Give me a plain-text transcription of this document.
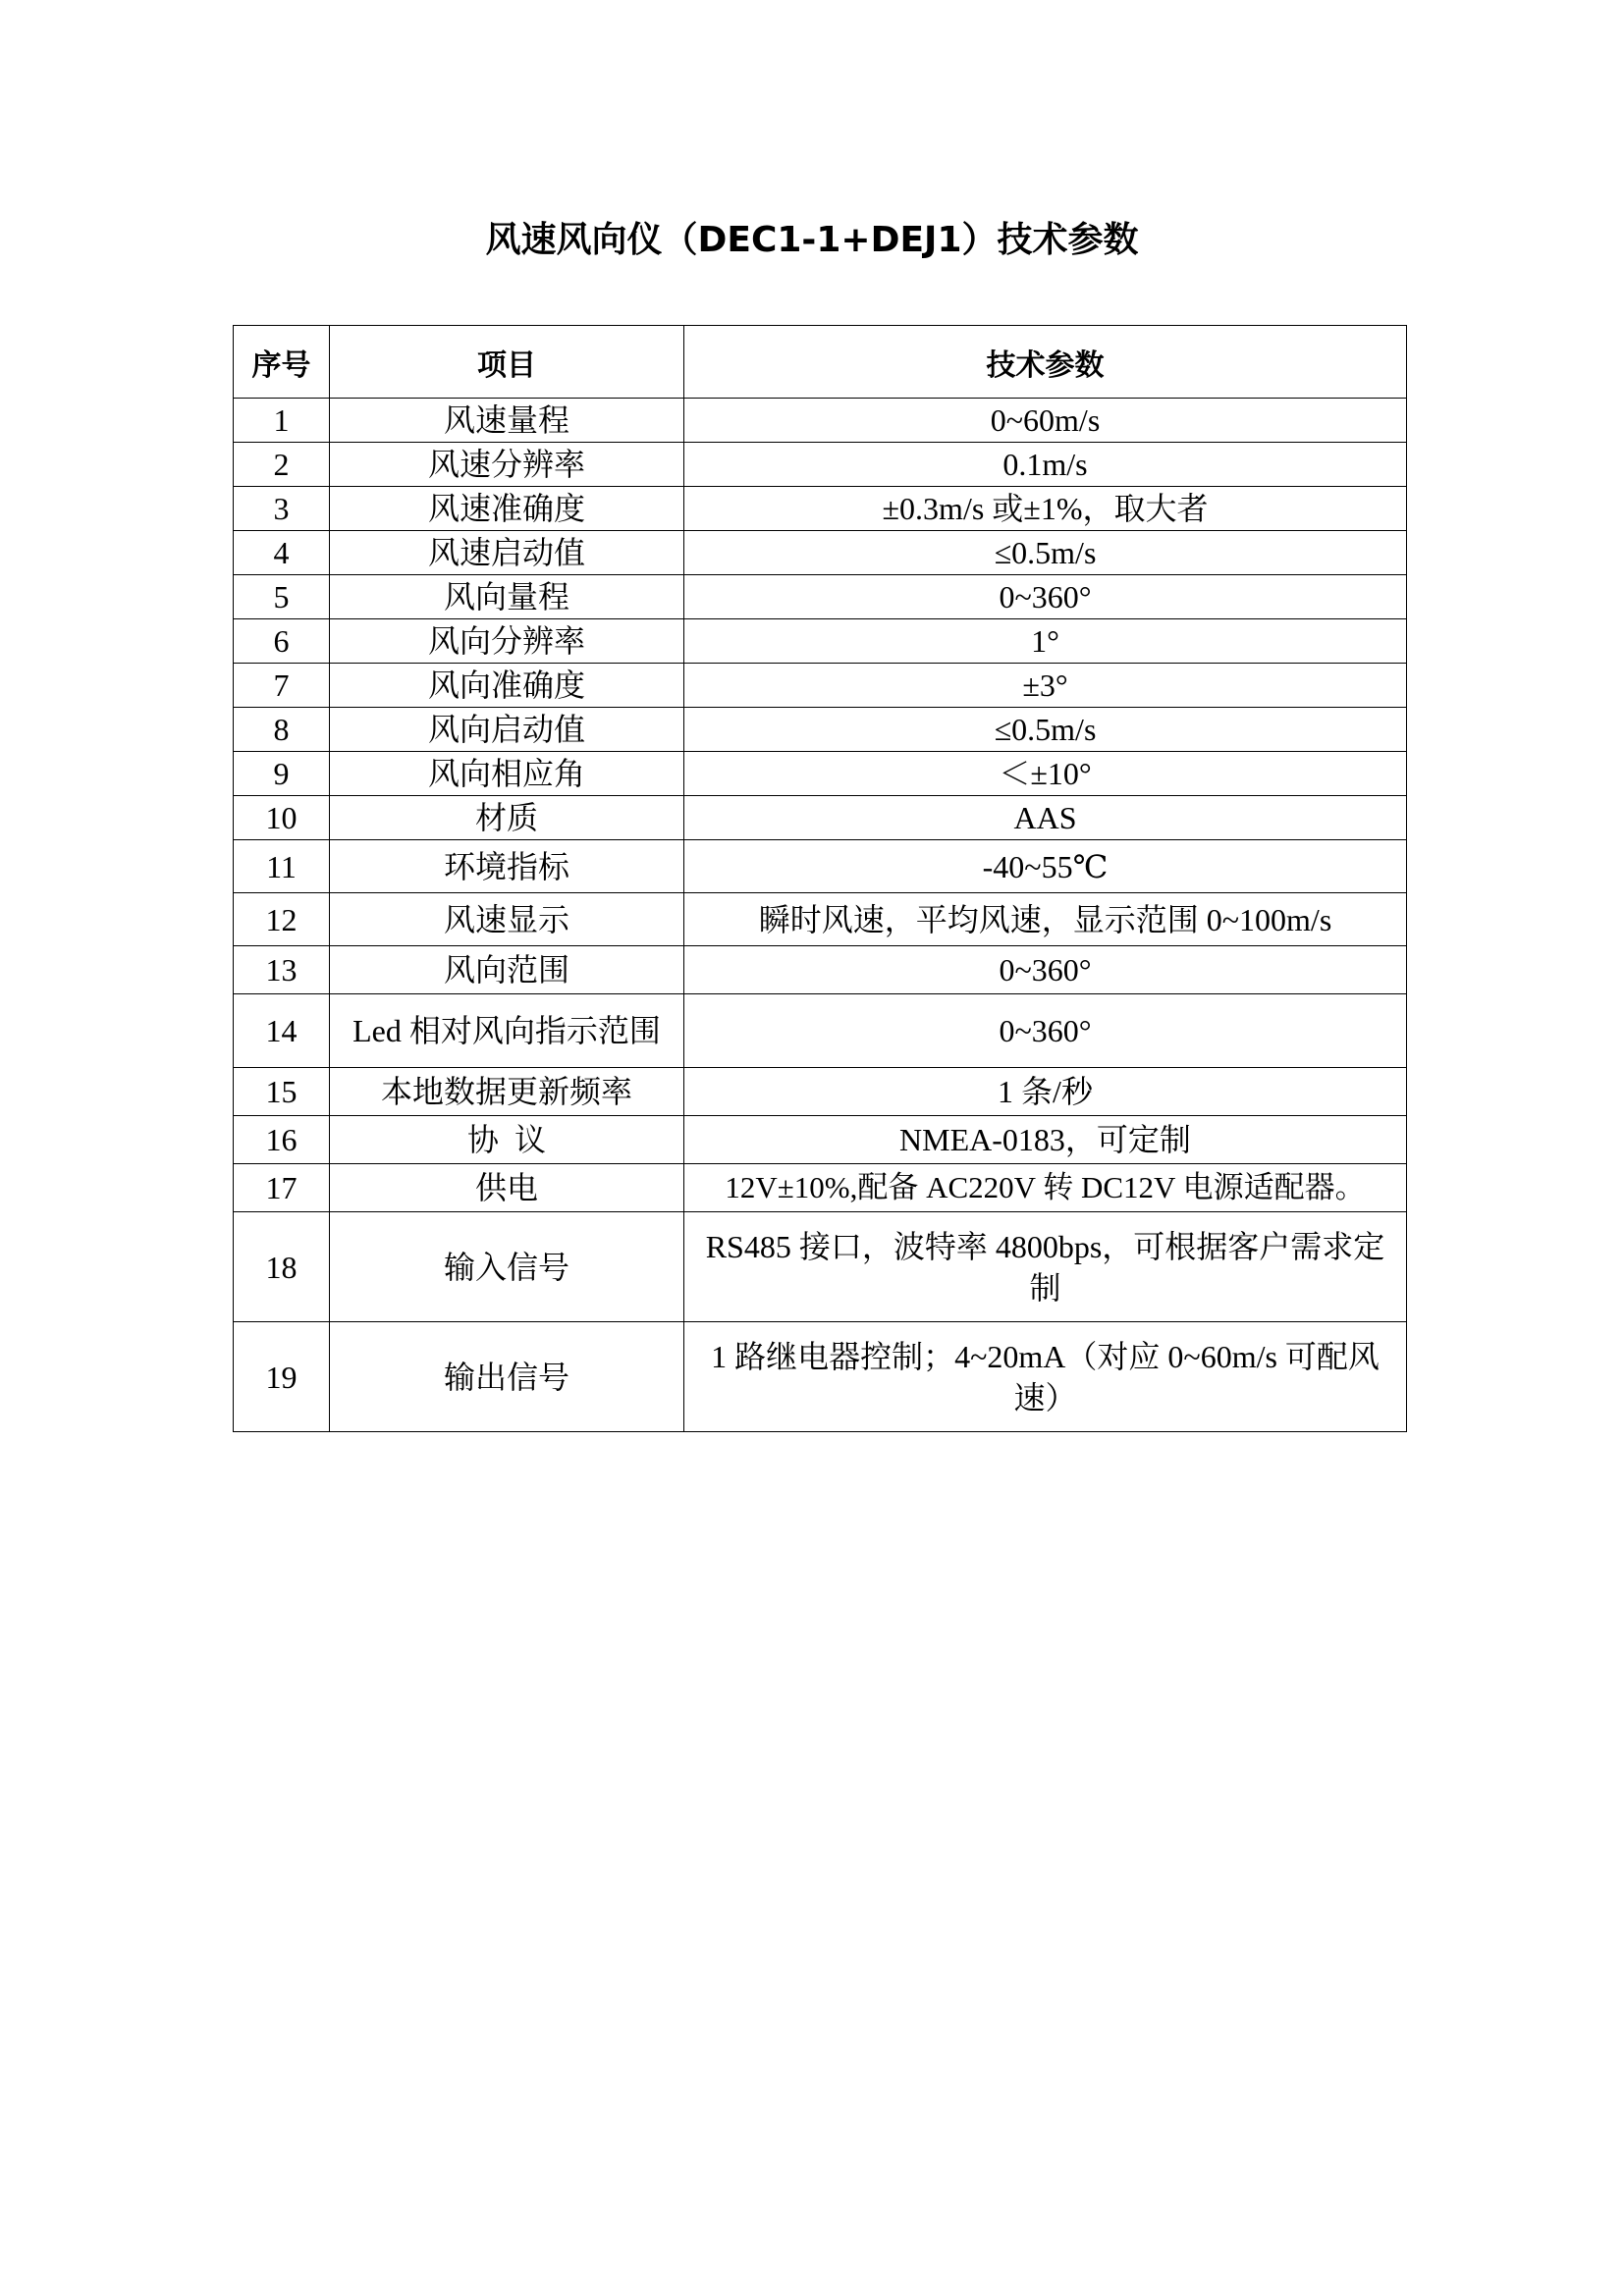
风速风向仪（DEC1-1+DEJ1）技术参数
序号	项目	技术参数
1	风速量程	0~60m/s
2	风速分辨率	0.1m/s
3	风速准确度	±0.3m/s 或±1%，取大者
4	风速启动值	≤0.5m/s
5	风向量程	0~360°
6	风向分辨率	1°
7	风向准确度	±3°
8	风向启动值	≤0.5m/s
9	风向相应角	＜±10°
10	材质	AAS
11	环境指标	-40~55℃
12	风速显示	瞬时风速，平均风速，显示范围 0~100m/s
13	风向范围	0~360°
14	Led 相对风向指示范围	0~360°
15	本地数据更新频率	1 条/秒
16	协  议	NMEA-0183，可定制
17	供电	12V±10%,配备 AC220V 转 DC12V 电源适配器。
18	输入信号	RS485 接口，波特率 4800bps，可根据客户需求定制
19	输出信号	1 路继电器控制；4~20mA（对应 0~60m/s 可配风速）
